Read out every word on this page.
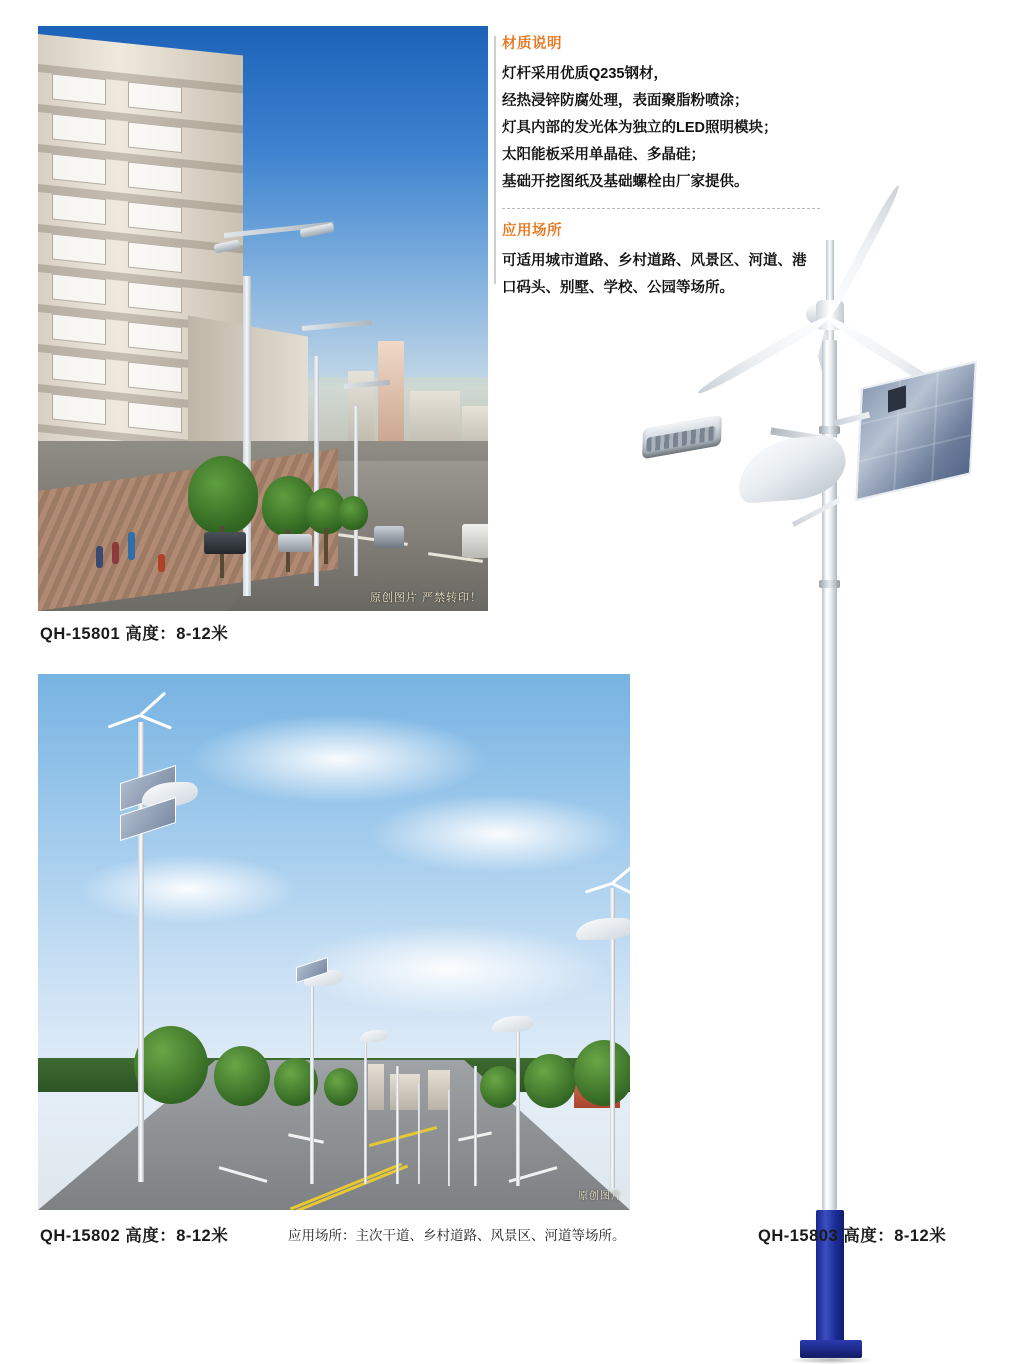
原创图片 严禁转印！
QH-15801 高度：8-12米
材质说明
灯杆采用优质Q235钢材，
经热浸锌防腐处理，表面聚脂粉喷涂；
灯具内部的发光体为独立的LED照明模块；
太阳能板采用单晶硅、多晶硅；
基础开挖图纸及基础螺栓由厂家提供。
应用场所
可适用城市道路、乡村道路、风景区、河道、港口码头、别墅、学校、公园等场所。
QH-15803 高度：8-12米
原创图片
QH-15802 高度：8-12米	应用场所：主次干道、乡村道路、风景区、河道等场所。
